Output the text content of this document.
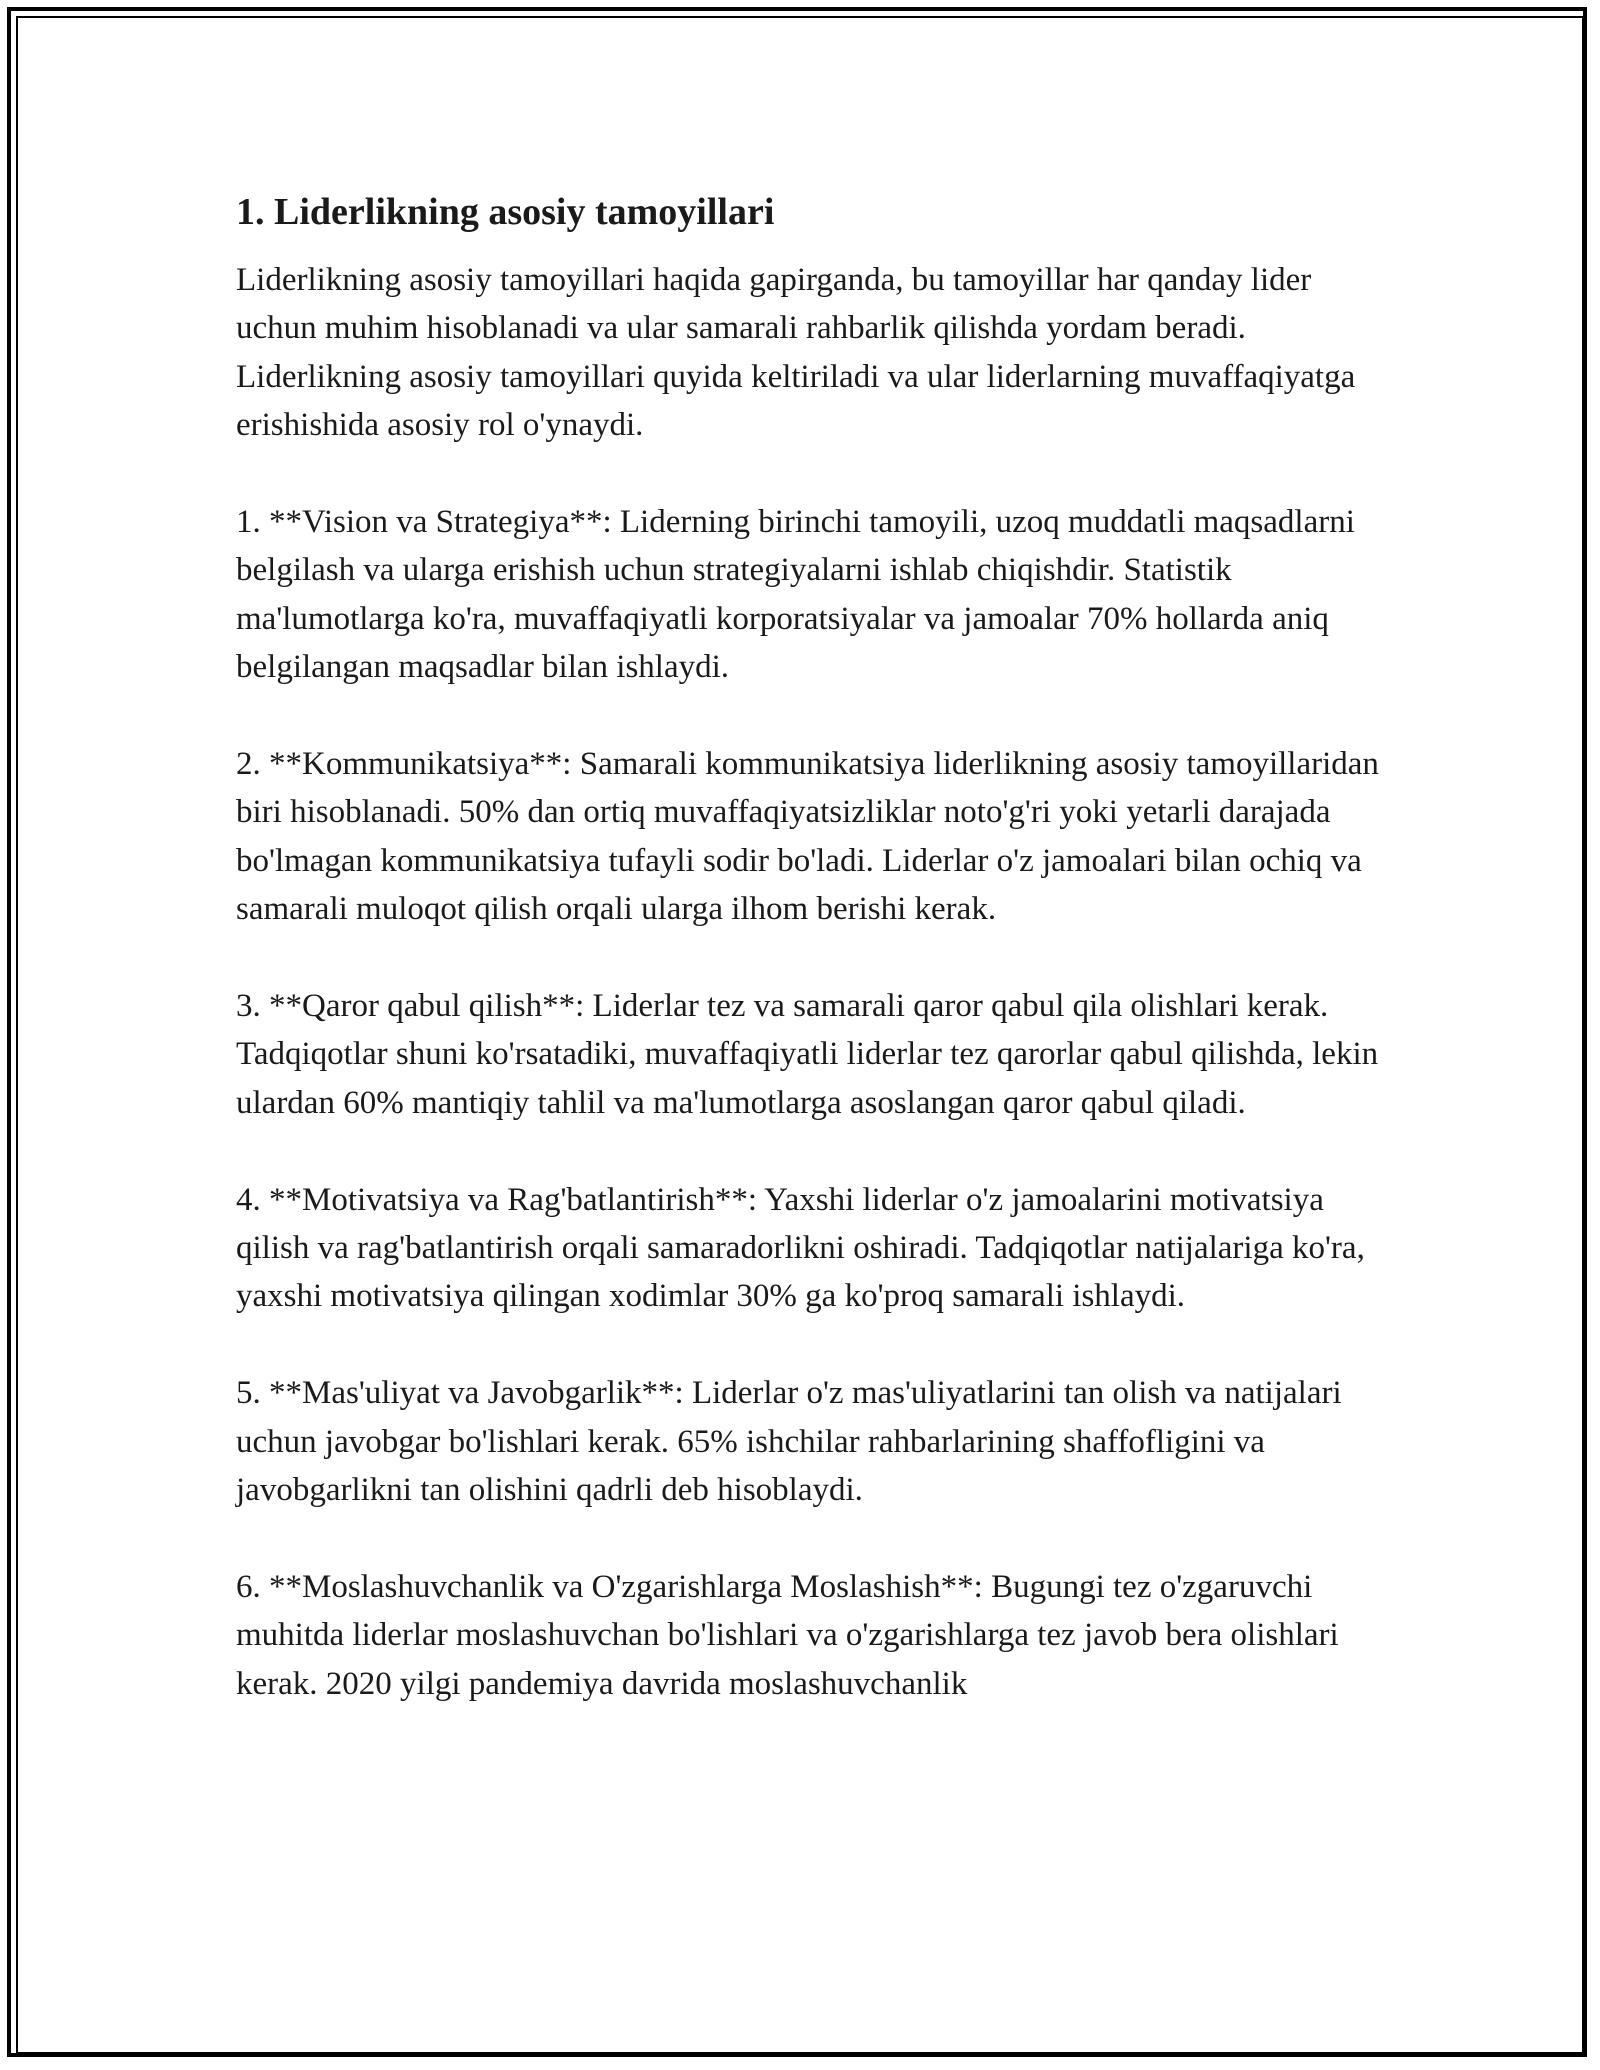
1. Liderlikning asosiy tamoyillari

Liderlikning asosiy tamoyillari haqida gapirganda, bu tamoyillar har qanday lider uchun muhim hisoblanadi va ular samarali rahbarlik qilishda yordam beradi. Liderlikning asosiy tamoyillari quyida keltiriladi va ular liderlarning muvaffaqiyatga erishishida asosiy rol o'ynaydi.

1. **Vision va Strategiya**: Liderning birinchi tamoyili, uzoq muddatli maqsadlarni belgilash va ularga erishish uchun strategiyalarni ishlab chiqishdir. Statistik ma'lumotlarga ko'ra, muvaffaqiyatli korporatsiyalar va jamoalar 70% hollarda aniq belgilangan maqsadlar bilan ishlaydi.

2. **Kommunikatsiya**: Samarali kommunikatsiya liderlikning asosiy tamoyillaridan biri hisoblanadi. 50% dan ortiq muvaffaqiyatsizliklar noto'g'ri yoki yetarli darajada bo'lmagan kommunikatsiya tufayli sodir bo'ladi. Liderlar o'z jamoalari bilan ochiq va samarali muloqot qilish orqali ularga ilhom berishi kerak.

3. **Qaror qabul qilish**: Liderlar tez va samarali qaror qabul qila olishlari kerak. Tadqiqotlar shuni ko'rsatadiki, muvaffaqiyatli liderlar tez qarorlar qabul qilishda, lekin ulardan 60% mantiqiy tahlil va ma'lumotlarga asoslangan qaror qabul qiladi.

4. **Motivatsiya va Rag'batlantirish**: Yaxshi liderlar o'z jamoalarini motivatsiya qilish va rag'batlantirish orqali samaradorlikni oshiradi. Tadqiqotlar natijalariga ko'ra, yaxshi motivatsiya qilingan xodimlar 30% ga ko'proq samarali ishlaydi.

5. **Mas'uliyat va Javobgarlik**: Liderlar o'z mas'uliyatlarini tan olish va natijalari uchun javobgar bo'lishlari kerak. 65% ishchilar rahbarlarining shaffofligini va javobgarlikni tan olishini qadrli deb hisoblaydi.

6. **Moslashuvchanlik va O'zgarishlarga Moslashish**: Bugungi tez o'zgaruvchi muhitda liderlar moslashuvchan bo'lishlari va o'zgarishlarga tez javob bera olishlari kerak. 2020 yilgi pandemiya davrida moslashuvchanlik
